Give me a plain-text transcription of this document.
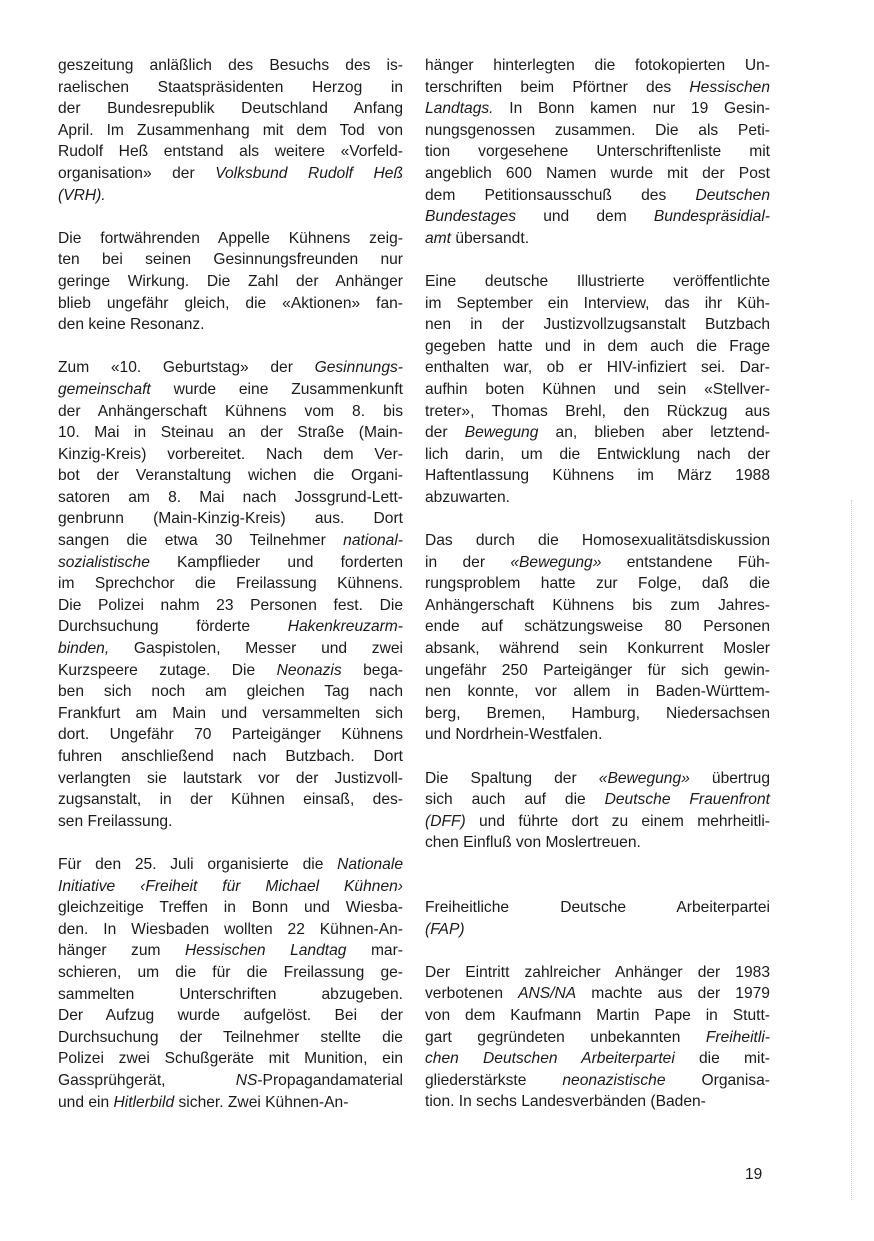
geszeitung anläßlich des Besuchs des is-
raelischen Staatspräsidenten Herzog in
der Bundesrepublik Deutschland Anfang
April. Im Zusammenhang mit dem Tod von
Rudolf Heß entstand als weitere «Vorfeld-
organisation» der Volksbund Rudolf Heß
(VRH).

Die fortwährenden Appelle Kühnens zeig-
ten bei seinen Gesinnungsfreunden nur
geringe Wirkung. Die Zahl der Anhänger
blieb ungefähr gleich, die «Aktionen» fan-
den keine Resonanz.

Zum «10. Geburtstag» der Gesinnungs-
gemeinschaft wurde eine Zusammenkunft
der Anhängerschaft Kühnens vom 8. bis
10. Mai in Steinau an der Straße (Main-
Kinzig-Kreis) vorbereitet. Nach dem Ver-
bot der Veranstaltung wichen die Organi-
satoren am 8. Mai nach Jossgrund-Lett-
genbrunn (Main-Kinzig-Kreis) aus. Dort
sangen die etwa 30 Teilnehmer national-
sozialistische Kampflieder und forderten
im Sprechchor die Freilassung Kühnens.
Die Polizei nahm 23 Personen fest. Die
Durchsuchung förderte Hakenkreuzarm-
binden, Gaspistolen, Messer und zwei
Kurzspeere zutage. Die Neonazis bega-
ben sich noch am gleichen Tag nach
Frankfurt am Main und versammelten sich
dort. Ungefähr 70 Parteigänger Kühnens
fuhren anschließend nach Butzbach. Dort
verlangten sie lautstark vor der Justizvoll-
zugsanstalt, in der Kühnen einsaß, des-
sen Freilassung.

Für den 25. Juli organisierte die Nationale
Initiative ‹Freiheit für Michael Kühnen›
gleichzeitige Treffen in Bonn und Wiesba-
den. In Wiesbaden wollten 22 Kühnen-An-
hänger zum Hessischen Landtag mar-
schieren, um die für die Freilassung ge-
sammelten Unterschriften abzugeben.
Der Aufzug wurde aufgelöst. Bei der
Durchsuchung der Teilnehmer stellte die
Polizei zwei Schußgeräte mit Munition, ein
Gassprühgerät, NS-Propagandamaterial
und ein Hitlerbild sicher. Zwei Kühnen-An-

hänger hinterlegten die fotokopierten Un-
terschriften beim Pförtner des Hessischen
Landtags. In Bonn kamen nur 19 Gesin-
nungsgenossen zusammen. Die als Peti-
tion vorgesehene Unterschriftenliste mit
angeblich 600 Namen wurde mit der Post
dem Petitionsausschuß des Deutschen
Bundestages und dem Bundespräsidial-
amt übersandt.

Eine deutsche Illustrierte veröffentlichte
im September ein Interview, das ihr Küh-
nen in der Justizvollzugsanstalt Butzbach
gegeben hatte und in dem auch die Frage
enthalten war, ob er HIV-infiziert sei. Dar-
aufhin boten Kühnen und sein «Stellver-
treter», Thomas Brehl, den Rückzug aus
der Bewegung an, blieben aber letztend-
lich darin, um die Entwicklung nach der
Haftentlassung Kühnens im März 1988
abzuwarten.

Das durch die Homosexualitätsdiskussion
in der «Bewegung» entstandene Füh-
rungsproblem hatte zur Folge, daß die
Anhängerschaft Kühnens bis zum Jahres-
ende auf schätzungsweise 80 Personen
absank, während sein Konkurrent Mosler
ungefähr 250 Parteigänger für sich gewin-
nen konnte, vor allem in Baden-Württem-
berg, Bremen, Hamburg, Niedersachsen
und Nordrhein-Westfalen.

Die Spaltung der «Bewegung» übertrug
sich auch auf die Deutsche Frauenfront
(DFF) und führte dort zu einem mehrheitli-
chen Einfluß von Moslertreuen.

Freiheitliche Deutsche Arbeiterpartei
(FAP)

Der Eintritt zahlreicher Anhänger der 1983
verbotenen ANS/NA machte aus der 1979
von dem Kaufmann Martin Pape in Stutt-
gart gegründeten unbekannten Freiheitli-
chen Deutschen Arbeiterpartei die mit-
gliederstärkste neonazistische Organisa-
tion. In sechs Landesverbänden (Baden-

19
